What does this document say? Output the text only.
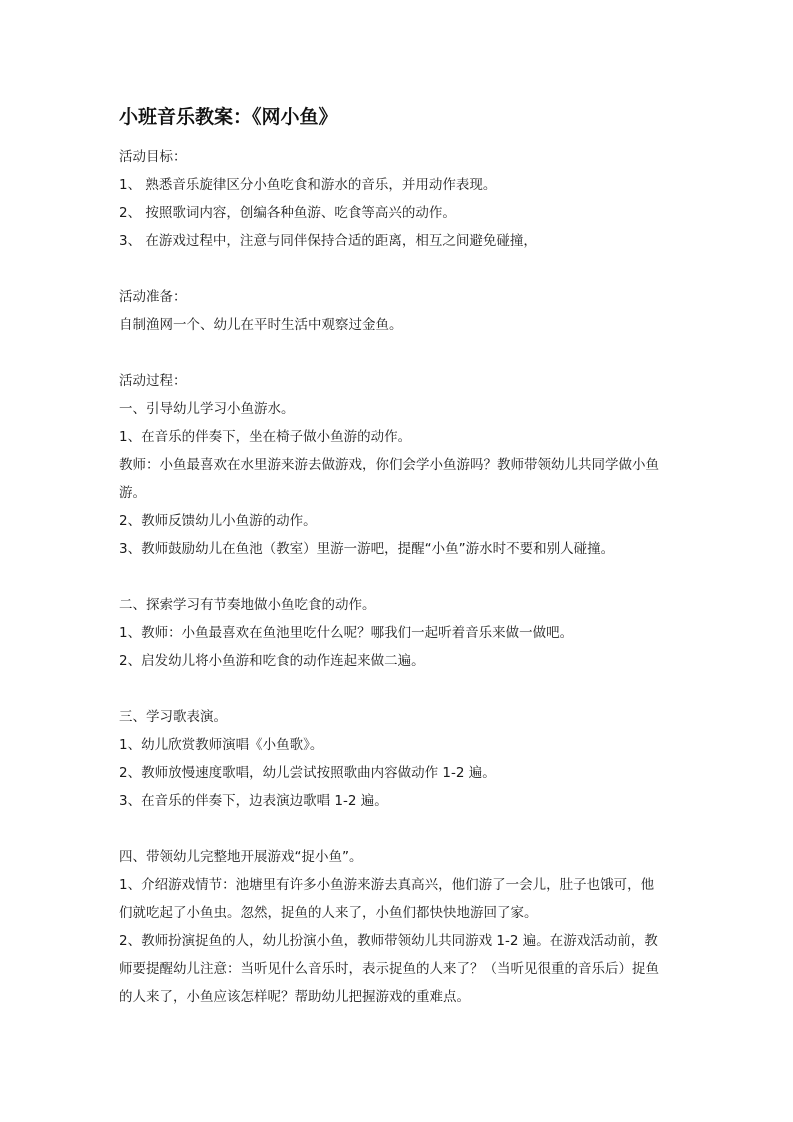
小班音乐教案：《网小鱼》
活动目标：
1、 熟悉音乐旋律区分小鱼吃食和游水的音乐，并用动作表现。
2、 按照歌词内容，创编各种鱼游、吃食等高兴的动作。
3、 在游戏过程中，注意与同伴保持合适的距离，相互之间避免碰撞，
活动准备：
自制渔网一个、幼儿在平时生活中观察过金鱼。
活动过程：
一、引导幼儿学习小鱼游水。
1、在音乐的伴奏下，坐在椅子做小鱼游的动作。
教师：小鱼最喜欢在水里游来游去做游戏，你们会学小鱼游吗？教师带领幼儿共同学做小鱼
游。
2、教师反馈幼儿小鱼游的动作。
3、教师鼓励幼儿在鱼池（教室）里游一游吧，提醒“小鱼”游水时不要和别人碰撞。
二、探索学习有节奏地做小鱼吃食的动作。
1、教师：小鱼最喜欢在鱼池里吃什么呢？哪我们一起听着音乐来做一做吧。
2、启发幼儿将小鱼游和吃食的动作连起来做二遍。
三、学习歌表演。
1、幼儿欣赏教师演唱《小鱼歌》。
2、教师放慢速度歌唱，幼儿尝试按照歌曲内容做动作 1-2 遍。
3、在音乐的伴奏下，边表演边歌唱 1-2 遍。
四、带领幼儿完整地开展游戏“捉小鱼”。
1、介绍游戏情节：池塘里有许多小鱼游来游去真高兴，他们游了一会儿，肚子也饿可，他
们就吃起了小鱼虫。忽然，捉鱼的人来了，小鱼们都快快地游回了家。
2、教师扮演捉鱼的人，幼儿扮演小鱼，教师带领幼儿共同游戏 1-2 遍。在游戏活动前，教
师要提醒幼儿注意：当听见什么音乐时，表示捉鱼的人来了？（当听见很重的音乐后）捉鱼
的人来了，小鱼应该怎样呢？帮助幼儿把握游戏的重难点。
